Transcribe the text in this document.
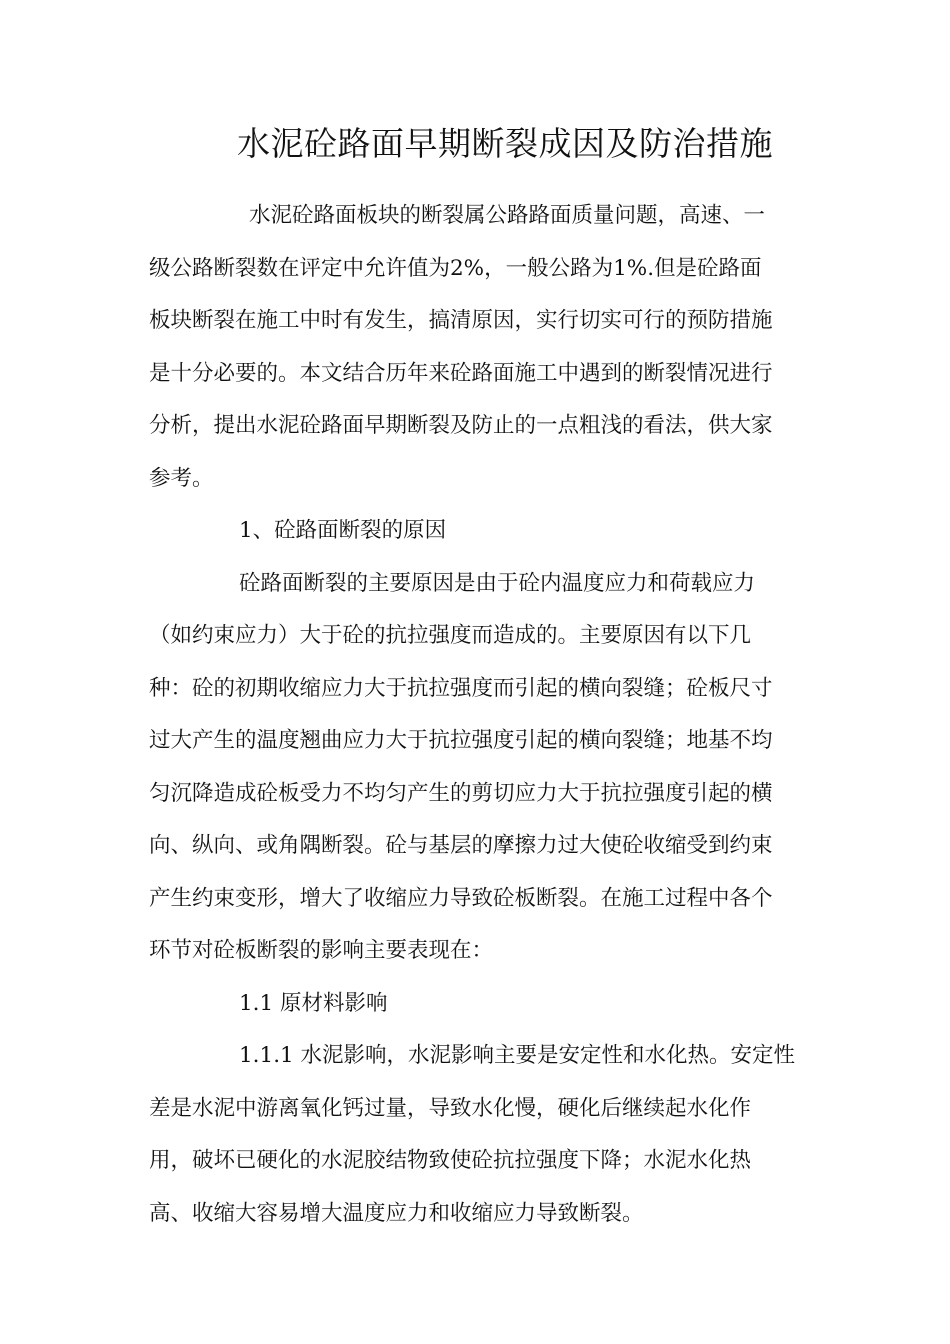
水泥砼路面早期断裂成因及防治措施
水泥砼路面板块的断裂属公路路面质量问题，高速、一
级公路断裂数在评定中允许值为2%，一般公路为1%.但是砼路面
板块断裂在施工中时有发生，搞清原因，实行切实可行的预防措施
是十分必要的。本文结合历年来砼路面施工中遇到的断裂情况进行
分析，提出水泥砼路面早期断裂及防止的一点粗浅的看法，供大家
参考。
1、砼路面断裂的原因
砼路面断裂的主要原因是由于砼内温度应力和荷载应力
（如约束应力）大于砼的抗拉强度而造成的。主要原因有以下几
种：砼的初期收缩应力大于抗拉强度而引起的横向裂缝；砼板尺寸
过大产生的温度翘曲应力大于抗拉强度引起的横向裂缝；地基不均
匀沉降造成砼板受力不均匀产生的剪切应力大于抗拉强度引起的横
向、纵向、或角隅断裂。砼与基层的摩擦力过大使砼收缩受到约束
产生约束变形，增大了收缩应力导致砼板断裂。在施工过程中各个
环节对砼板断裂的影响主要表现在：
1.1 原材料影响
1.1.1 水泥影响，水泥影响主要是安定性和水化热。安定性
差是水泥中游离氧化钙过量，导致水化慢，硬化后继续起水化作
用，破坏已硬化的水泥胶结物致使砼抗拉强度下降；水泥水化热
高、收缩大容易增大温度应力和收缩应力导致断裂。
